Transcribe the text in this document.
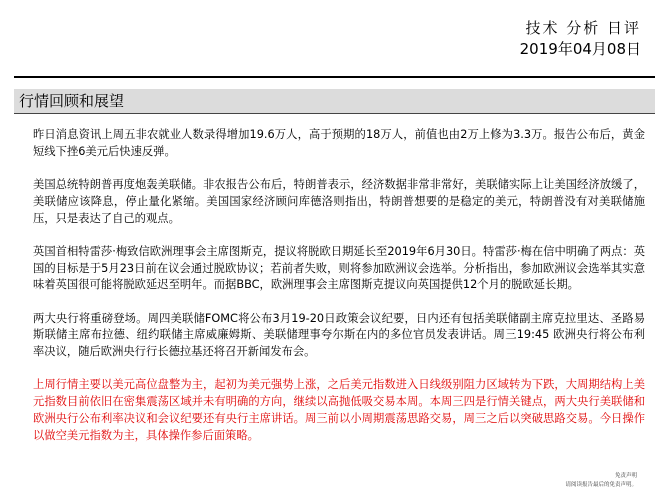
技术 分析 日评
2019年04月08日
行情回顾和展望

昨日消息资讯上周五非农就业人数录得增加19.6万人，高于预期的18万人，前值也由2万上修为3.3万。报告公布后，黄金短线下挫6美元后快速反弹。

美国总统特朗普再度炮轰美联储。非农报告公布后，特朗普表示，经济数据非常非常好，美联储实际上让美国经济放缓了，美联储应该降息，停止量化紧缩。美国国家经济顾问库德洛则指出，特朗普想要的是稳定的美元，特朗普没有对美联储施压，只是表达了自己的观点。

英国首相特雷莎·梅致信欧洲理事会主席图斯克，提议将脱欧日期延长至2019年6月30日。特雷莎·梅在信中明确了两点：英国的目标是于5月23日前在议会通过脱欧协议；若前者失败，则将参加欧洲议会选举。分析指出，参加欧洲议会选举其实意味着英国很可能将脱欧延迟至明年。而据BBC，欧洲理事会主席图斯克提议向英国提供12个月的脱欧延长期。

两大央行将重磅登场。周四美联储FOMC将公布3月19-20日政策会议纪要，日内还有包括美联储副主席克拉里达、圣路易斯联储主席布拉德、纽约联储主席威廉姆斯、美联储理事夸尔斯在内的多位官员发表讲话。周三19:45 欧洲央行将公布利率决议，随后欧洲央行行长德拉基还将召开新闻发布会。

上周行情主要以美元高位盘整为主，起初为美元强势上涨，之后美元指数进入日线级别阻力区域转为下跌，大周期结构上美元指数目前依旧在密集震荡区域并未有明确的方向，继续以高抛低吸交易本周。本周三四是行情关键点，两大央行美联储和欧洲央行公布利率决议和会议纪要还有央行主席讲话。周三前以小周期震荡思路交易，周三之后以突破思路交易。今日操作以做空美元指数为主，具体操作参后面策略。

免责声明
请阅读报告最后的免责声明。
